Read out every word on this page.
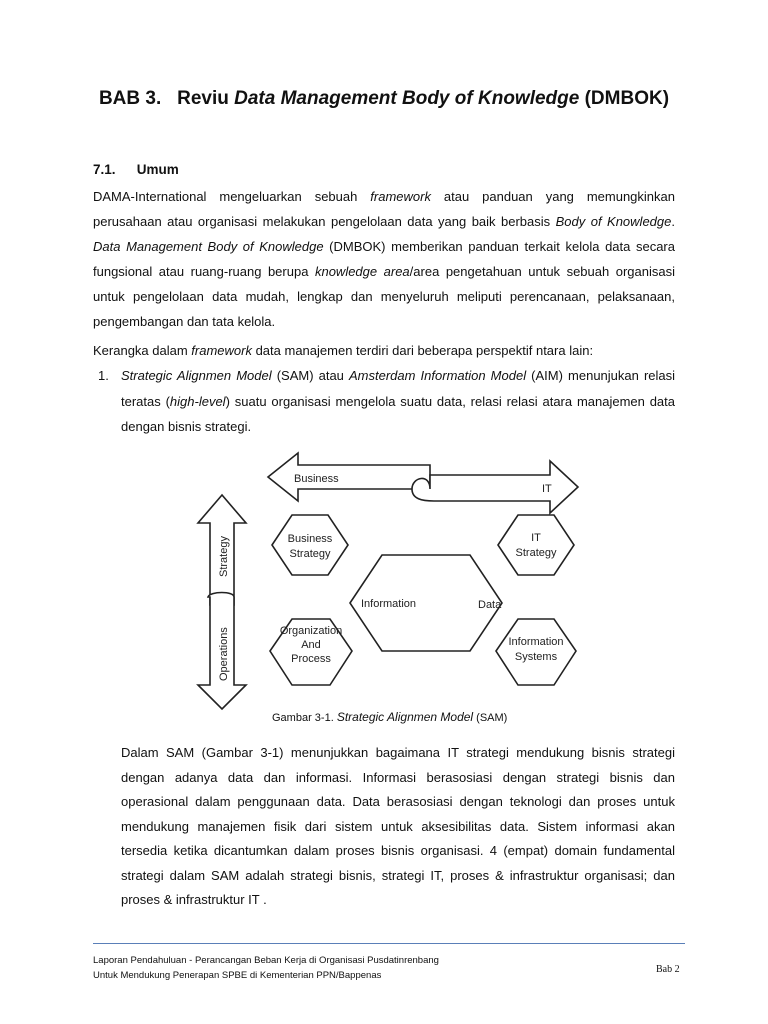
BAB 3. Reviu Data Management Body of Knowledge (DMBOK)
7.1. Umum

DAMA-International mengeluarkan sebuah framework atau panduan yang memungkinkan perusahaan atau organisasi melakukan pengelolaan data yang baik berbasis Body of Knowledge. Data Management Body of Knowledge (DMBOK) memberikan panduan terkait kelola data secara fungsional atau ruang-ruang berupa knowledge area/area pengetahuan untuk sebuah organisasi untuk pengelolaan data mudah, lengkap dan menyeluruh meliputi perencanaan, pelaksanaan, pengembangan dan tata kelola.

Kerangka dalam framework data manajemen terdiri dari beberapa perspektif ntara lain:

1. Strategic Alignmen Model (SAM) atau Amsterdam Information Model (AIM) menunjukan relasi teratas (high-level) suatu organisasi mengelola suatu data, relasi relasi atara manajemen data dengan bisnis strategi.
Business
IT
Strategy
Operations
Business
Strategy
IT
Strategy
Organization
And
Process
Information
Systems
Information	Data
Gambar 3-1. Strategic Alignmen Model (SAM)

Dalam SAM (Gambar 3-1) menunjukkan bagaimana IT strategi mendukung bisnis strategi dengan adanya data dan informasi. Informasi berasosiasi dengan strategi bisnis dan operasional dalam penggunaan data. Data berasosiasi dengan teknologi dan proses untuk mendukung manajemen fisik dari sistem untuk aksesibilitas data. Sistem informasi akan tersedia ketika dicantumkan dalam proses bisnis organisasi. 4 (empat) domain fundamental strategi dalam SAM adalah strategi bisnis, strategi IT, proses & infrastruktur organisasi; dan proses & infrastruktur IT .

Laporan Pendahuluan - Perancangan Beban Kerja di Organisasi Pusdatinrenbang
Untuk Mendukung Penerapan SPBE di Kementerian PPN/Bappenas
Bab 2
